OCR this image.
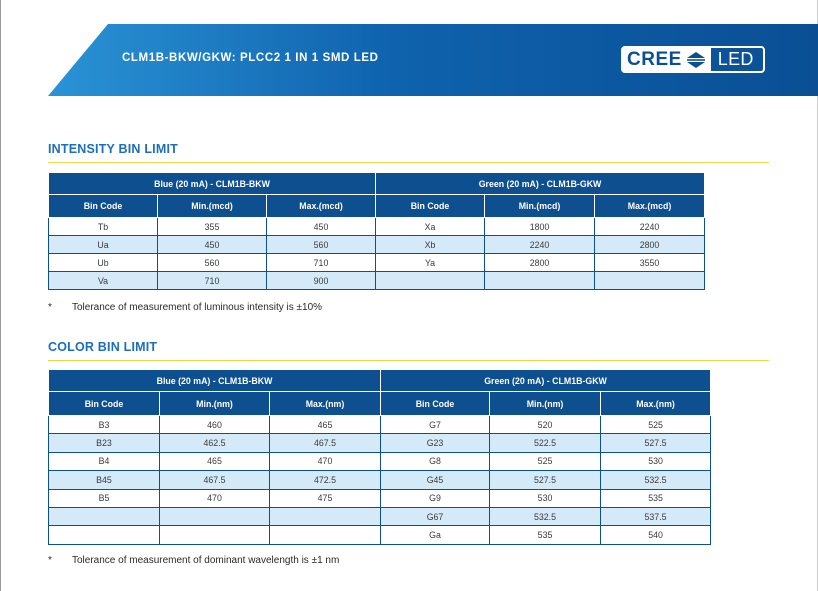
CLM1B-BKW/GKW: PLCC2 1 IN 1 SMD LED	CREE	LED
INTENSITY BIN LIMIT
Blue (20 mA) - CLM1B-BKW			Green (20 mA) - CLM1B-GKW		
Bin Code	Min.(mcd)	Max.(mcd)	Bin Code	Min.(mcd)	Max.(mcd)
Tb	355	450	Xa	1800	2240
Ua	450	560	Xb	2240	2800
Ub	560	710	Ya	2800	3550
Va	710	900			
*	Tolerance of measurement of luminous intensity is ±10%
COLOR BIN LIMIT
Blue (20 mA) - CLM1B-BKW			Green (20 mA) - CLM1B-GKW		
Bin Code	Min.(nm)	Max.(nm)	Bin Code	Min.(nm)	Max.(nm)
B3	460	465	G7	520	525
B23	462.5	467.5	G23	522.5	527.5
B4	465	470	G8	525	530
B45	467.5	472.5	G45	527.5	532.5
B5	470	475	G9	530	535
			G67	532.5	537.5
			Ga	535	540
*	Tolerance of measurement of dominant wavelength is ±1 nm
